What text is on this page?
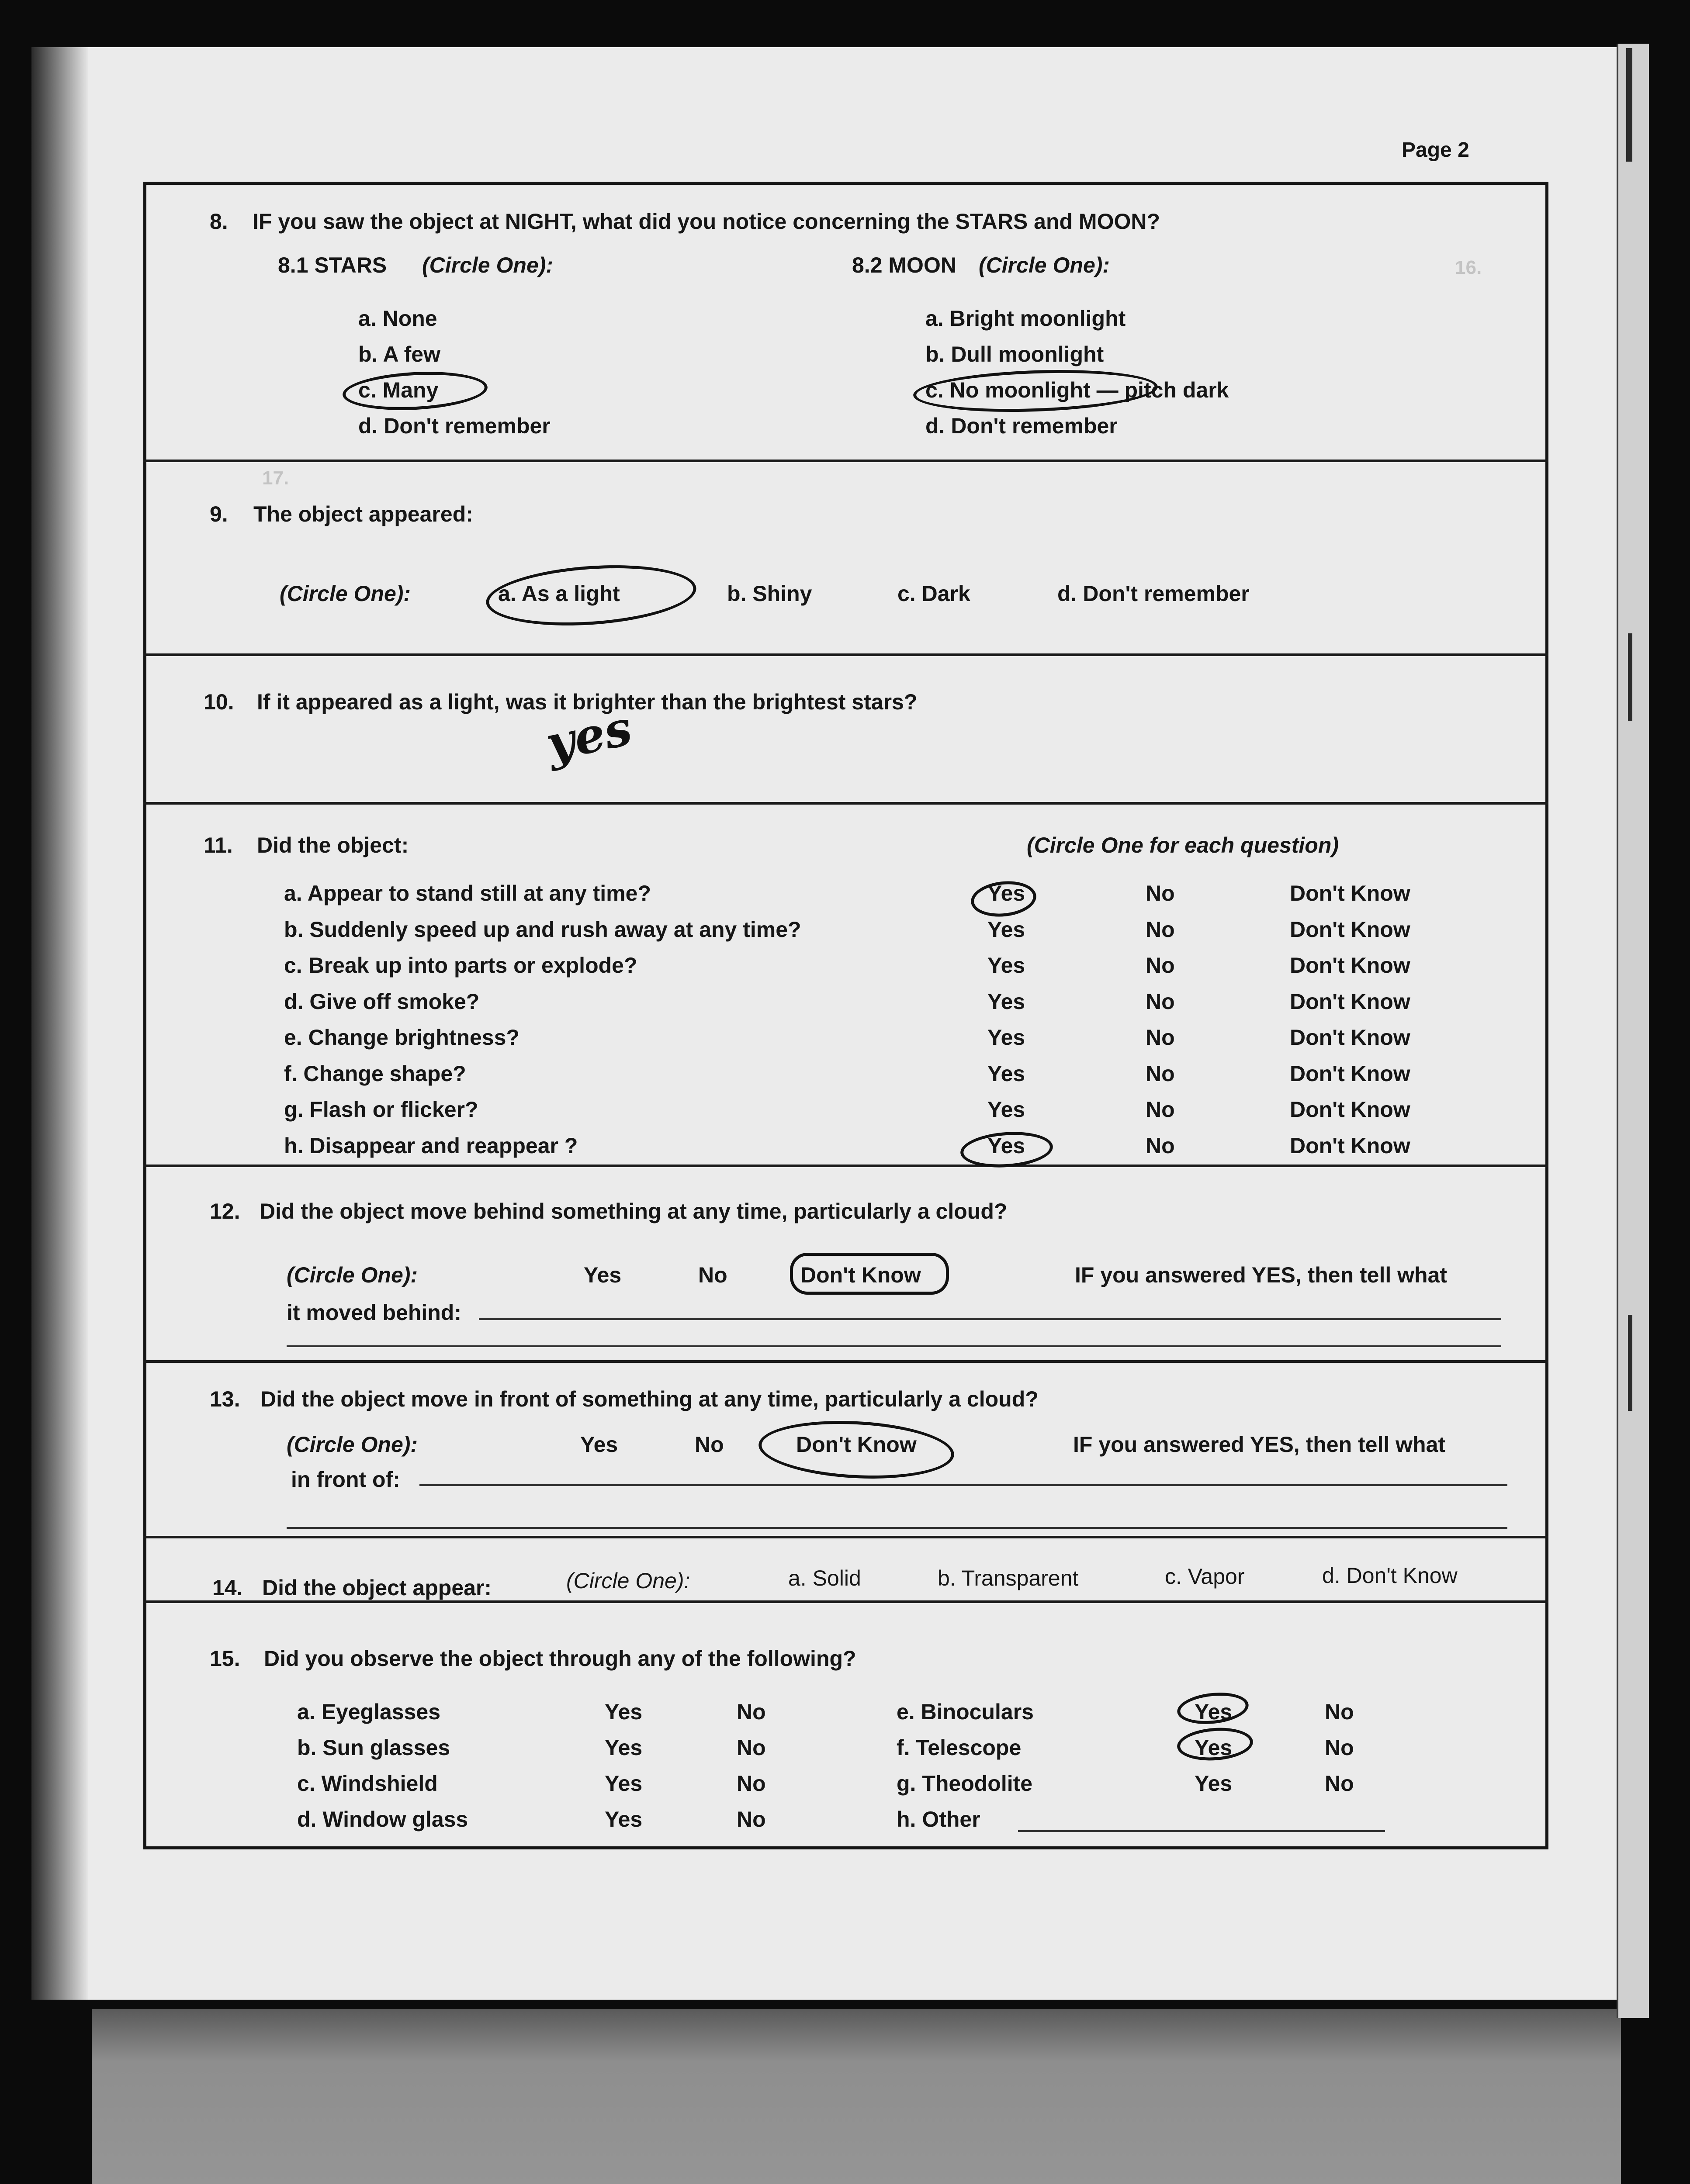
Page 2
8. IF you saw the object at NIGHT, what did you notice concerning the STARS and MOON?
8.1 STARS (Circle One):	8.2 MOON (Circle One):
a. None
b. A few
c. Many
d. Don't remember
a. Bright moonlight
b. Dull moonlight
c. No moonlight — pitch dark
d. Don't remember
16.
17.
9. The object appeared:
(Circle One):	a. As a light	b. Shiny	c. Dark	d. Don't remember
10. If it appeared as a light, was it brighter than the brightest stars?
yes
11. Did the object:	(Circle One for each question)
a. Appear to stand still at any time?	Yes	No	Don't Know
b. Suddenly speed up and rush away at any time?	Yes	No	Don't Know
c. Break up into parts or explode?	Yes	No	Don't Know
d. Give off smoke?	Yes	No	Don't Know
e. Change brightness?	Yes	No	Don't Know
f. Change shape?	Yes	No	Don't Know
g. Flash or flicker?	Yes	No	Don't Know
h. Disappear and reappear ?	Yes	No	Don't Know
12. Did the object move behind something at any time, particularly a cloud?
(Circle One):	Yes	No	Don't Know	IF you answered YES, then tell what
it moved behind:
13. Did the object move in front of something at any time, particularly a cloud?
(Circle One):	Yes	No	Don't Know	IF you answered YES, then tell what
in front of:
14. Did the object appear:	(Circle One):	a. Solid	b. Transparent	c. Vapor	d. Don't Know
15. Did you observe the object through any of the following?
a. Eyeglasses	Yes	No
b. Sun glasses	Yes	No
c. Windshield	Yes	No
d. Window glass	Yes	No
e. Binoculars	Yes	No
f. Telescope	Yes	No
g. Theodolite	Yes	No
h. Other
